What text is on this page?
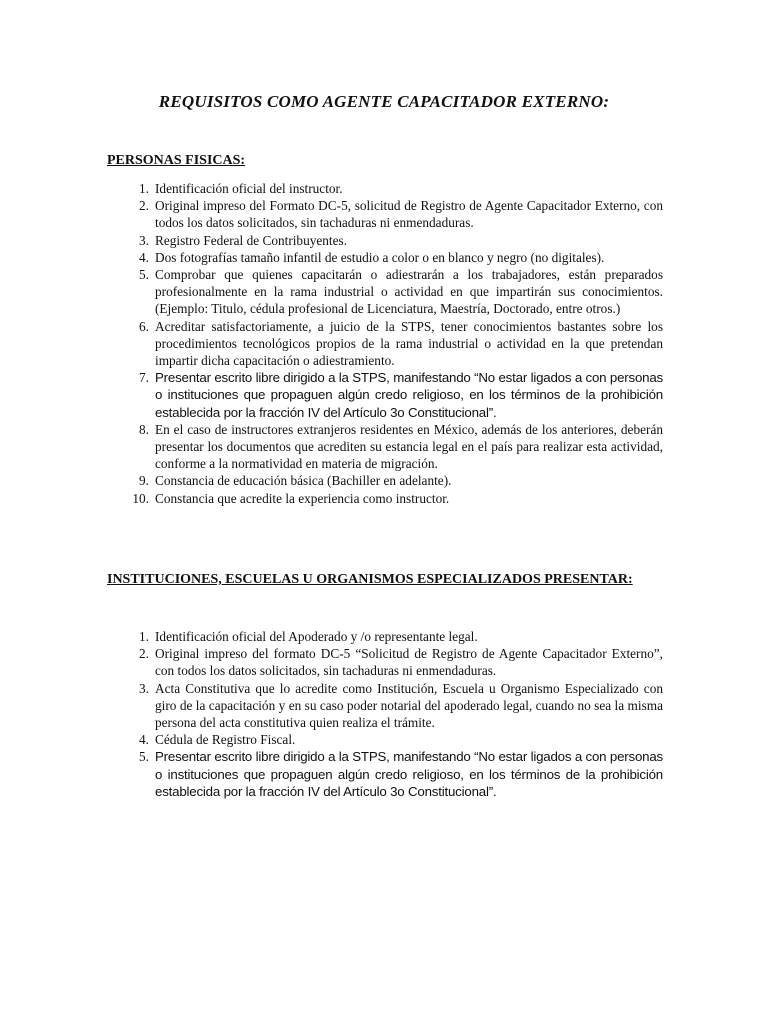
REQUISITOS COMO AGENTE CAPACITADOR EXTERNO:
PERSONAS FISICAS:
1. Identificación oficial del instructor.
2. Original impreso del Formato DC-5, solicitud de Registro de Agente Capacitador Externo, con todos los datos solicitados, sin tachaduras ni enmendaduras.
3. Registro Federal de Contribuyentes.
4. Dos fotografías tamaño infantil de estudio a color o en blanco y negro (no digitales).
5. Comprobar que quienes capacitarán o adiestrarán a los trabajadores, están preparados profesionalmente en la rama industrial o actividad en que impartirán sus conocimientos. (Ejemplo: Titulo, cédula profesional de Licenciatura, Maestría, Doctorado, entre otros.)
6. Acreditar satisfactoriamente, a juicio de la STPS, tener conocimientos bastantes sobre los procedimientos tecnológicos propios de la rama industrial o actividad en la que pretendan impartir dicha capacitación o adiestramiento.
7. Presentar escrito libre dirigido a la STPS, manifestando “No estar ligados a con personas o instituciones que propaguen algún credo religioso, en los términos de la prohibición establecida por la fracción IV del Artículo 3o Constitucional”.
8. En el caso de instructores extranjeros residentes en México, además de los anteriores, deberán presentar los documentos que acrediten su estancia legal en el país para realizar esta actividad, conforme a la normatividad en materia de migración.
9. Constancia de educación básica (Bachiller en adelante).
10. Constancia que acredite la experiencia como instructor.
INSTITUCIONES, ESCUELAS U ORGANISMOS ESPECIALIZADOS PRESENTAR:
1. Identificación oficial del Apoderado y /o representante legal.
2. Original impreso del formato DC-5 “Solicitud de Registro de Agente Capacitador Externo”, con todos los datos solicitados, sin tachaduras ni enmendaduras.
3. Acta Constitutiva que lo acredite como Institución, Escuela u Organismo Especializado con giro de la capacitación y en su caso poder notarial del apoderado legal, cuando no sea la misma persona del acta constitutiva quien realiza el trámite.
4. Cédula de Registro Fiscal.
5. Presentar escrito libre dirigido a la STPS, manifestando “No estar ligados a con personas o instituciones que propaguen algún credo religioso, en los términos de la prohibición establecida por la fracción IV del Artículo 3o Constitucional”.
